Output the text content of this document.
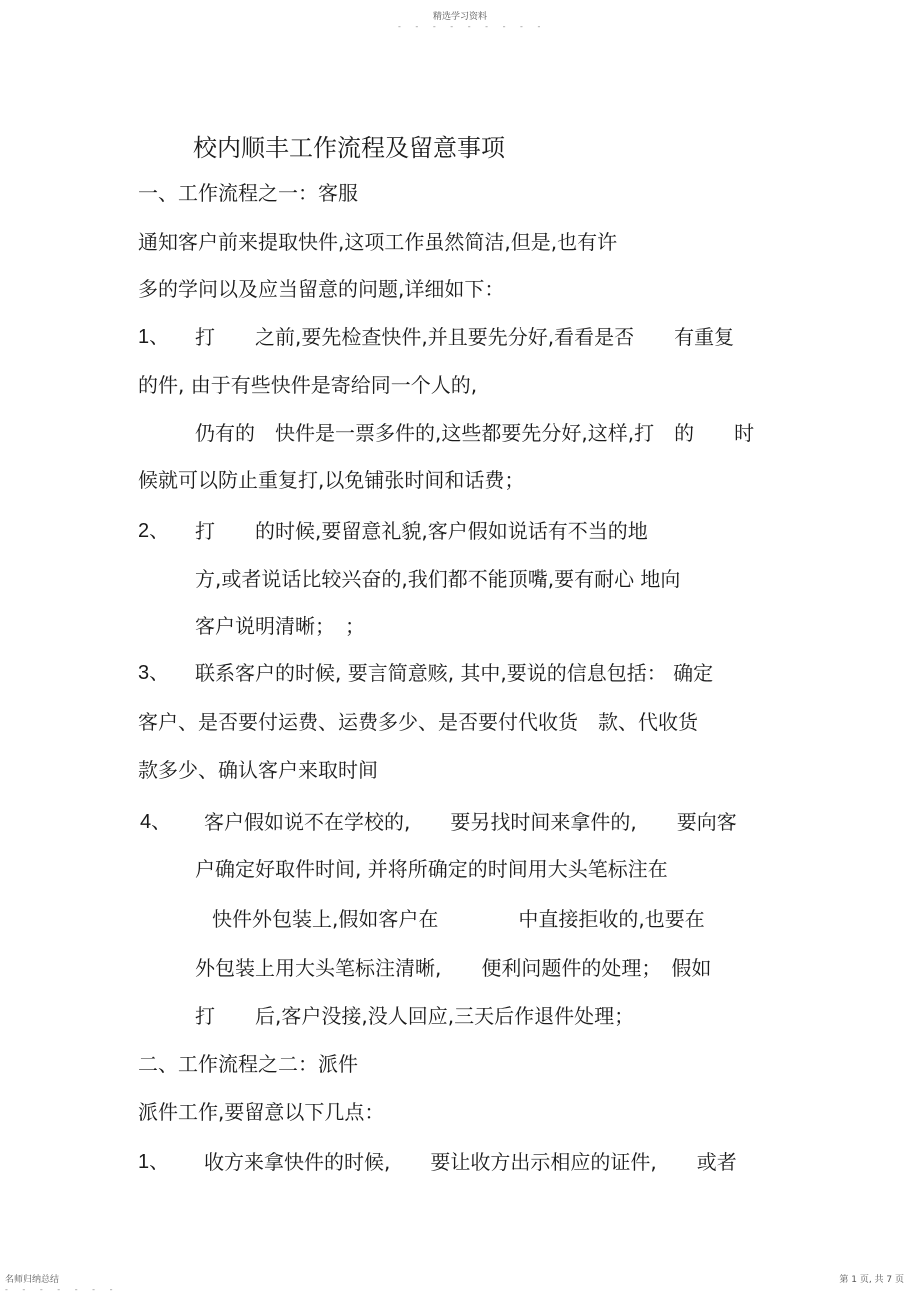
精选学习资料
- - - - - - - - -
校内顺丰工作流程及留意事项
一、工作流程之一：客服
通知客户前来提取快件,这项工作虽然简洁,但是,也有许
多的学问以及应当留意的问题,详细如下：
1、 打　　之前,要先检查快件,并且要先分好,看看是否　　有重复
的件, 由于有些快件是寄给同一个人的,
仍有的　快件是一票多件的,这些都要先分好,这样,打　的　　时
候就可以防止重复打,以免铺张时间和话费；
2、 打　　的时候,要留意礼貌,客户假如说话有不当的地
方,或者说话比较兴奋的,我们都不能顶嘴,要有耐心 地向
客户说明清晰；　；
3、 联系客户的时候, 要言简意赅, 其中,要说的信息包括： 确定
客户、是否要付运费、运费多少、是否要付代收货　款、代收货
款多少、确认客户来取时间
4、 客户假如说不在学校的,　　要另找时间来拿件的,　　要向客
户确定好取件时间, 并将所确定的时间用大头笔标注在
快件外包装上,假如客户在　　　　中直接拒收的,也要在
外包装上用大头笔标注清晰,　　便利问题件的处理；　假如
打　　后,客户没接,没人回应,三天后作退件处理；
二、工作流程之二：派件
派件工作,要留意以下几点：
1、 收方来拿快件的时候,　　要让收方出示相应的证件,　　或者
名师归纳总结
- - - - - - -
第 1 页, 共 7 页
